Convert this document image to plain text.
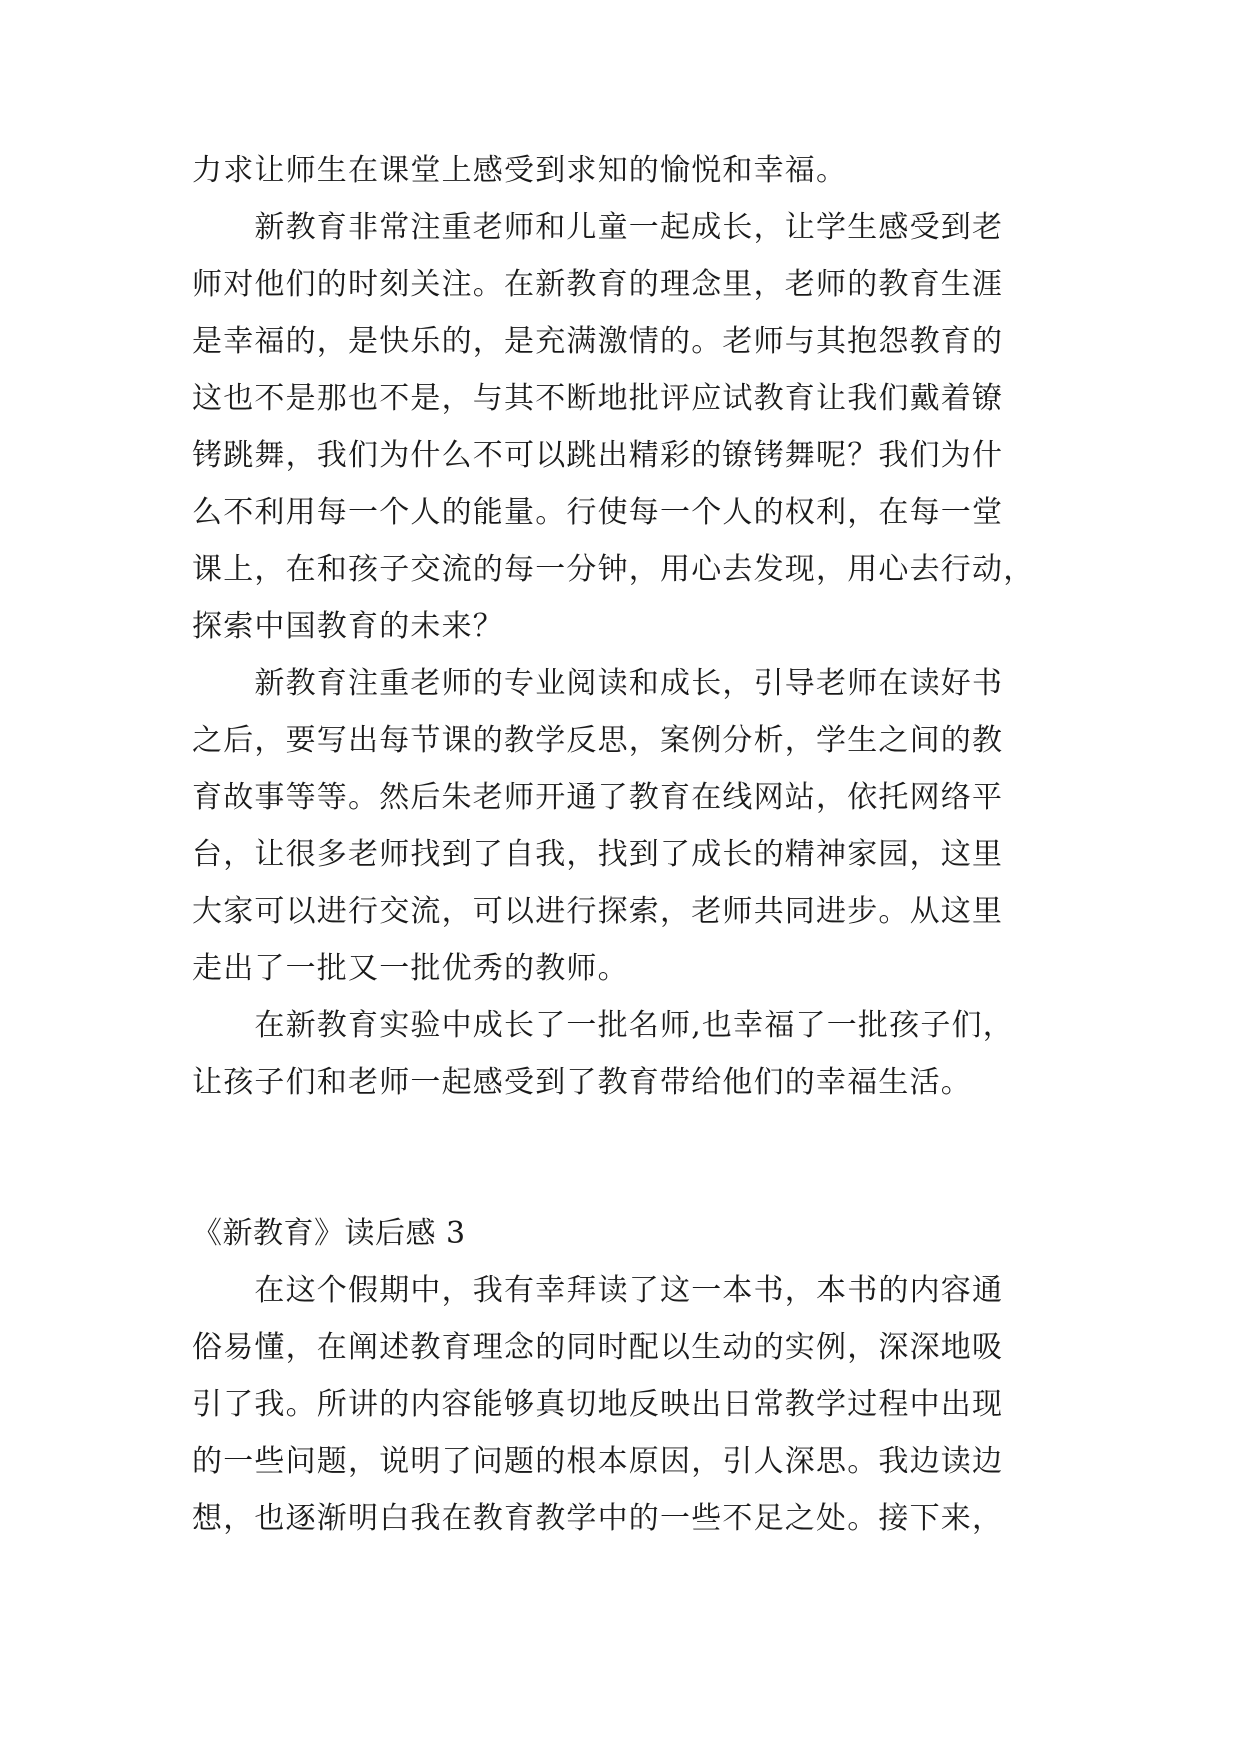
力求让师生在课堂上感受到求知的愉悦和幸福。
　　新教育非常注重老师和儿童一起成长，让学生感受到老
师对他们的时刻关注。在新教育的理念里，老师的教育生涯
是幸福的，是快乐的，是充满激情的。老师与其抱怨教育的
这也不是那也不是，与其不断地批评应试教育让我们戴着镣
铐跳舞，我们为什么不可以跳出精彩的镣铐舞呢？我们为什
么不利用每一个人的能量。行使每一个人的权利，在每一堂
课上，在和孩子交流的每一分钟，用心去发现，用心去行动，
探索中国教育的未来？
　　新教育注重老师的专业阅读和成长，引导老师在读好书
之后，要写出每节课的教学反思，案例分析，学生之间的教
育故事等等。然后朱老师开通了教育在线网站，依托网络平
台，让很多老师找到了自我，找到了成长的精神家园，这里
大家可以进行交流，可以进行探索，老师共同进步。从这里
走出了一批又一批优秀的教师。
　　在新教育实验中成长了一批名师,也幸福了一批孩子们，
让孩子们和老师一起感受到了教育带给他们的幸福生活。
《新教育》读后感 3
　　在这个假期中，我有幸拜读了这一本书，本书的内容通
俗易懂，在阐述教育理念的同时配以生动的实例，深深地吸
引了我。所讲的内容能够真切地反映出日常教学过程中出现
的一些问题，说明了问题的根本原因，引人深思。我边读边
想，也逐渐明白我在教育教学中的一些不足之处。接下来，
